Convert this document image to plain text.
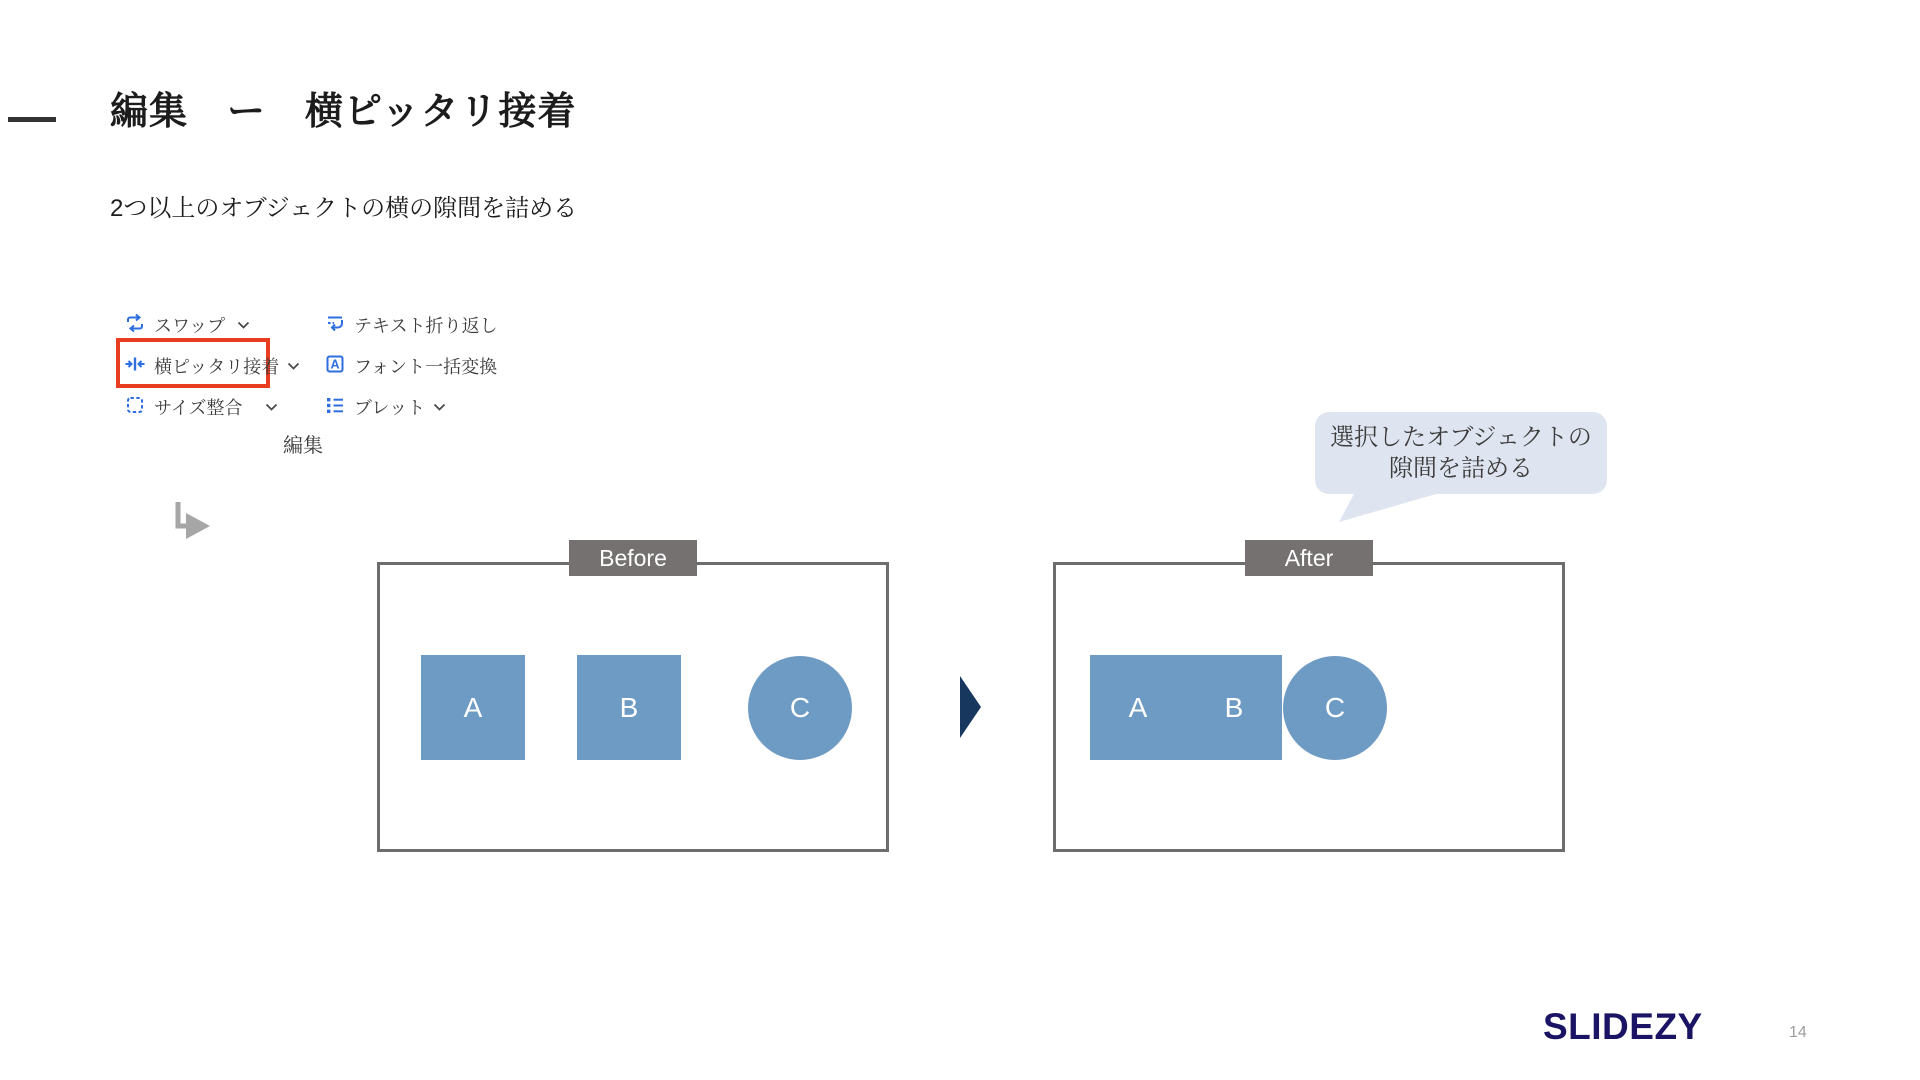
編集　ー　横ピッタリ接着
2つ以上のオブジェクトの横の隙間を詰める
スワップ
横ピッタリ接着
サイズ整合
テキスト折り返し
A フォント一括変換
ブレット
編集
Before
A	B	C
After
A	B	C
選択したオブジェクトの
隙間を詰める
SLIDEZY	14
